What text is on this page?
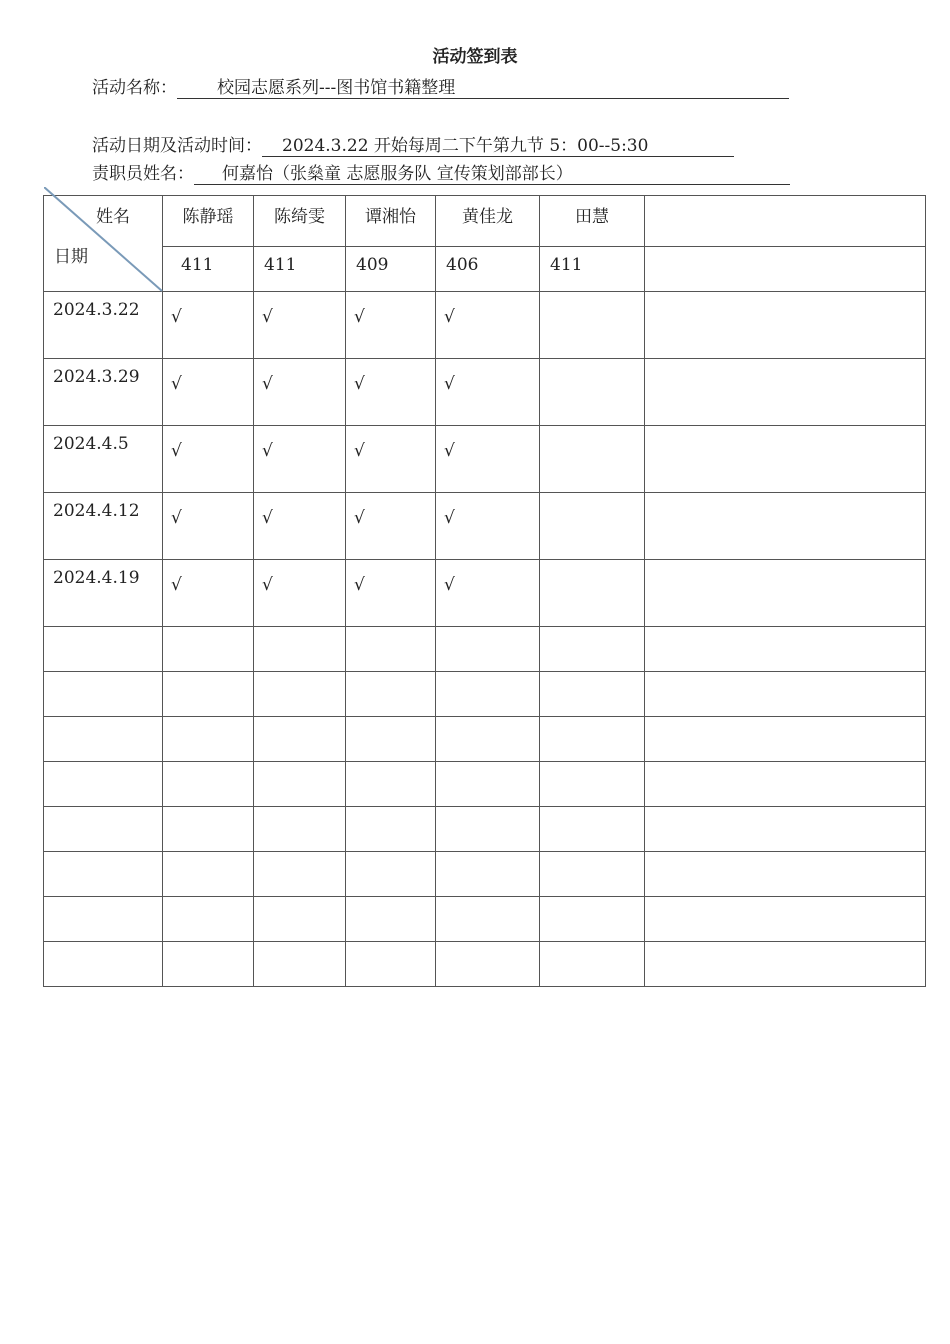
活动签到表
活动名称： 校园志愿系列---图书馆书籍整理
活动日期及活动时间： 2024.3.22 开始每周二下午第九节 5：00--5:30
责职员姓名： 何嘉怡（张燊童 志愿服务队 宣传策划部部长）
姓名
日期	陈静瑶	陈绮雯	谭湘怡	黄佳龙	田慧	
	411	411	409	406	411	
2024.3.22	√	√	√	√		
2024.3.29	√	√	√	√		
2024.4.5	√	√	√	√		
2024.4.12	√	√	√	√		
2024.4.19	√	√	√	√		
